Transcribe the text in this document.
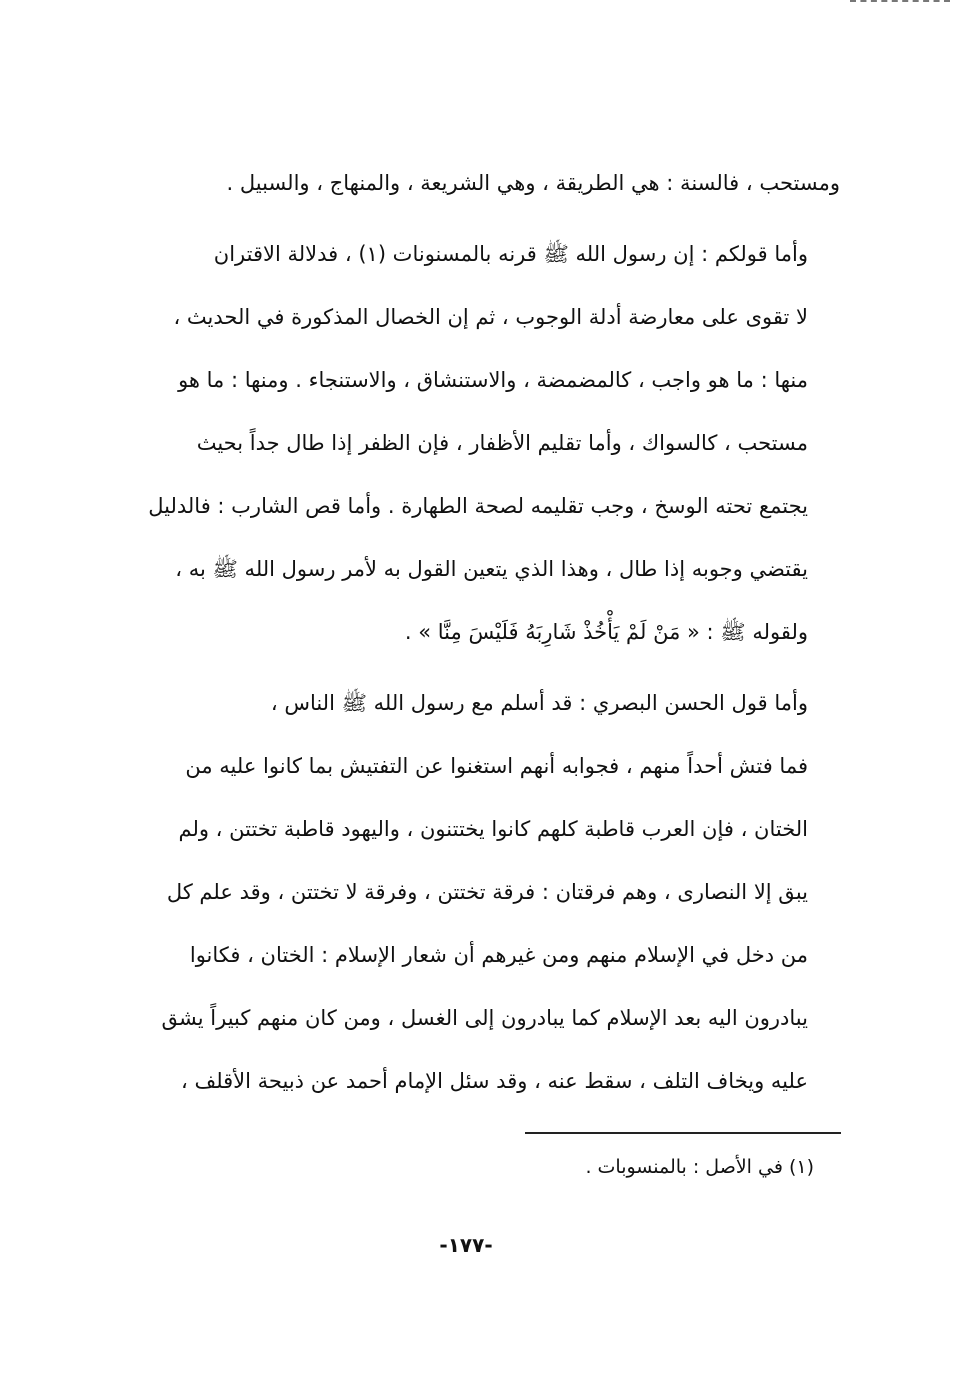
ومستحب ، فالسنة : هي الطريقة ، وهي الشريعة ، والمنهاج ، والسبيل .

وأما قولكم : إن رسول الله ﷺ قرنه بالمسنونات (١) ، فدلالة الاقتران
لا تقوى على معارضة أدلة الوجوب ، ثم إن الخصال المذكورة في الحديث ،
منها : ما هو واجب ، كالمضمضة ، والاستنشاق ، والاستنجاء . ومنها : ما هو
مستحب ، كالسواك ، وأما تقليم الأظفار ، فإن الظفر إذا طال جداً بحيث
يجتمع تحته الوسخ ، وجب تقليمه لصحة الطهارة . وأما قص الشارب : فالدليل
يقتضي وجوبه إذا طال ، وهذا الذي يتعين القول به لأمر رسول الله ﷺ به ،
ولقوله ﷺ : « مَنْ لَمْ يَأْخُذْ شَارِبَهُ فَلَيْسَ مِنَّا » .

وأما قول الحسن البصري : قد أسلم مع رسول الله ﷺ الناس ،
فما فتش أحداً منهم ، فجوابه أنهم استغنوا عن التفتيش بما كانوا عليه من
الختان ، فإن العرب قاطبة كلهم كانوا يختتنون ، واليهود قاطبة تختتن ، ولم
يبق إلا النصارى ، وهم فرقتان : فرقة تختتن ، وفرقة لا تختتن ، وقد علم كل
من دخل في الإسلام منهم ومن غيرهم أن شعار الإسلام : الختان ، فكانوا
يبادرون اليه بعد الإسلام كما يبادرون إلى الغسل ، ومن كان منهم كبيراً يشق
عليه ويخاف التلف ، سقط عنه ، وقد سئل الإمام أحمد عن ذبيحة الأقلف ،

(١) في الأصل : بالمنسوبات .
-١٧٧-
